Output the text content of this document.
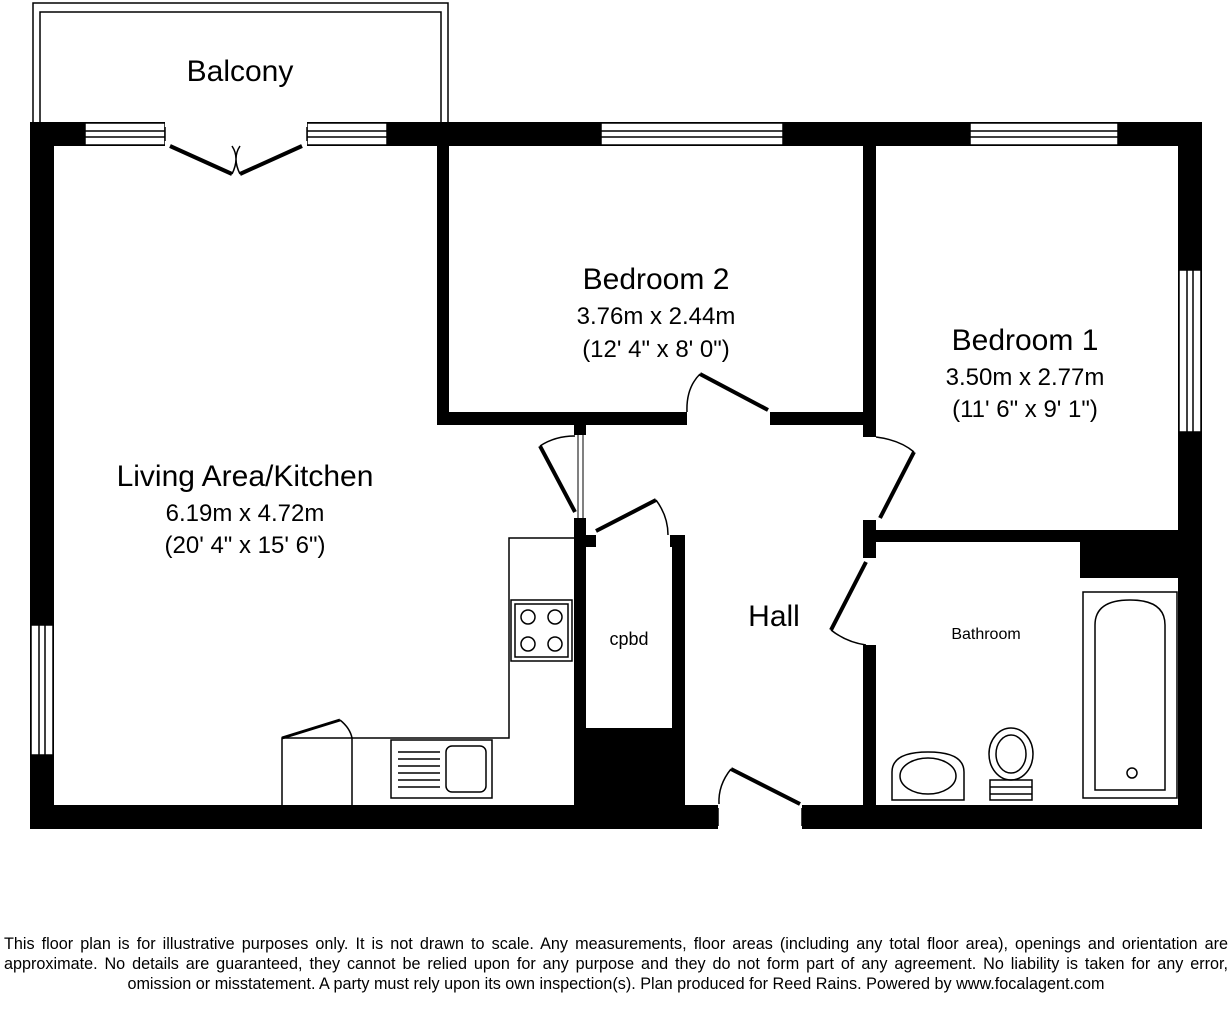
Balcony
Bedroom 2
3.76m x 2.44m
(12' 4" x 8' 0")	Bedroom 1
3.50m x 2.77m
(11' 6" x 9' 1")
Living Area/Kitchen
6.19m x 4.72m
(20' 4" x 15' 6")
Hall
cpbd	Bathroom
This floor plan is for illustrative purposes only. It is not drawn to scale. Any measurements, floor areas (including any total floor area), openings and orientation are approximate. No details are guaranteed, they cannot be relied upon for any purpose and they do not form part of any agreement. No liability is taken for any error, omission or misstatement. A party must rely upon its own inspection(s). Plan produced for Reed Rains. Powered by www.focalagent.com
